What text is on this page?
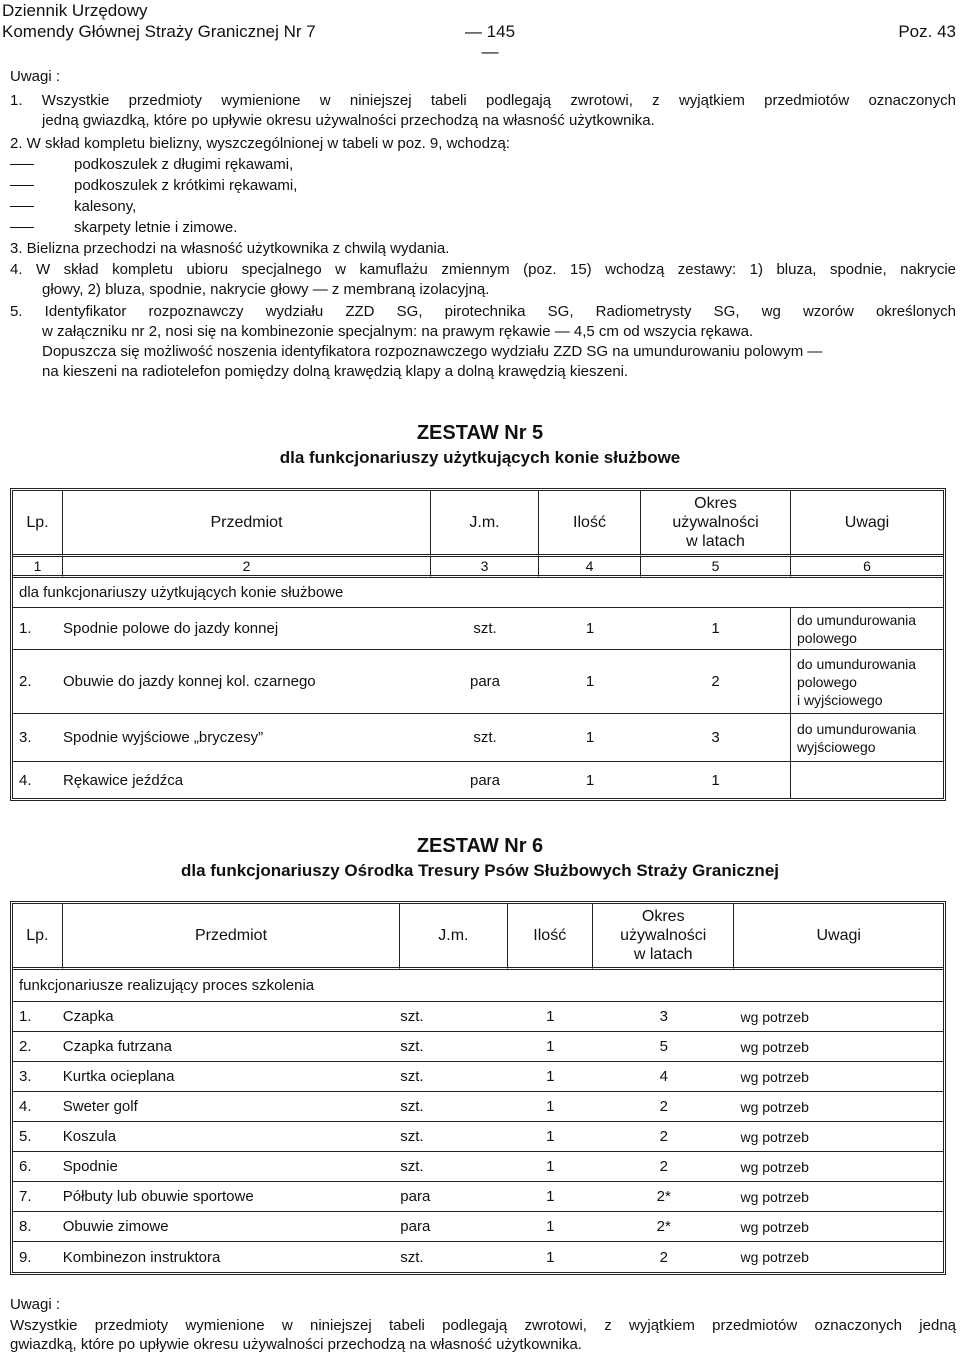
Dziennik Urzędowy
Komendy Głównej Straży Granicznej Nr 7	— 145 —
Poz. 43
Uwagi :
1. Wszystkie przedmioty wymienione w niniejszej tabeli podlegają zwrotowi, z wyjątkiem przedmiotów oznaczonych
jedną gwiazdką, które po upływie okresu używalności przechodzą na własność użytkownika.
2. W skład kompletu bielizny, wyszczególnionej w tabeli w poz. 9, wchodzą:
podkoszulek z długimi rękawami,
podkoszulek z krótkimi rękawami,
kalesony,
skarpety letnie i zimowe.
3. Bielizna przechodzi na własność użytkownika z chwilą wydania.
4. W skład kompletu ubioru specjalnego w kamuflażu zmiennym (poz. 15) wchodzą zestawy: 1) bluza, spodnie, nakrycie
głowy, 2) bluza, spodnie, nakrycie głowy — z membraną izolacyjną.
5. Identyfikator rozpoznawczy wydziału ZZD SG, pirotechnika SG, Radiometrysty SG, wg wzorów określonych
w załączniku nr 2, nosi się na kombinezonie specjalnym: na prawym rękawie — 4,5 cm od wszycia rękawa.
Dopuszcza się możliwość noszenia identyfikatora rozpoznawczego wydziału ZZD SG na umundurowaniu polowym —
na kieszeni na radiotelefon pomiędzy dolną krawędzią klapy a dolną krawędzią kieszeni.
ZESTAW Nr 5
dla funkcjonariuszy użytkujących konie służbowe
Lp.	Przedmiot	J.m.	Ilość	Okres
używalności
w latach	Uwagi
1	2	3	4	5	6
dla funkcjonariuszy użytkujących konie służbowe					
1.	Spodnie polowe do jazdy konnej	szt.	1	1	do umundurowania
polowego

2.	Obuwie do jazdy konnej kol. czarnego	para	1	2	do umundurowania
polowego
i wyjściowego

3.	Spodnie wyjściowe „bryczesy”	szt.	1	3	do umundurowania
wyjściowego

4.	Rękawice jeźdźca	para	1	1	
ZESTAW Nr 6
dla funkcjonariuszy Ośrodka Tresury Psów Służbowych Straży Granicznej
Lp.	Przedmiot	J.m.	Ilość	Okres
używalności
w latach	Uwagi
funkcjonariusze realizujący proces szkolenia					
1.	Czapka	szt.	1	3	wg potrzeb
2.	Czapka futrzana	szt.	1	5	wg potrzeb
3.	Kurtka ocieplana	szt.	1	4	wg potrzeb
4.	Sweter golf	szt.	1	2	wg potrzeb
5.	Koszula	szt.	1	2	wg potrzeb
6.	Spodnie	szt.	1	2	wg potrzeb
7.	Półbuty lub obuwie sportowe	para	1	2*	wg potrzeb
8.	Obuwie zimowe	para	1	2*	wg potrzeb
9.	Kombinezon instruktora	szt.	1	2	wg potrzeb
Uwagi :
Wszystkie przedmioty wymienione w niniejszej tabeli podlegają zwrotowi, z wyjątkiem przedmiotów oznaczonych jedną
gwiazdką, które po upływie okresu używalności przechodzą na własność użytkownika.
